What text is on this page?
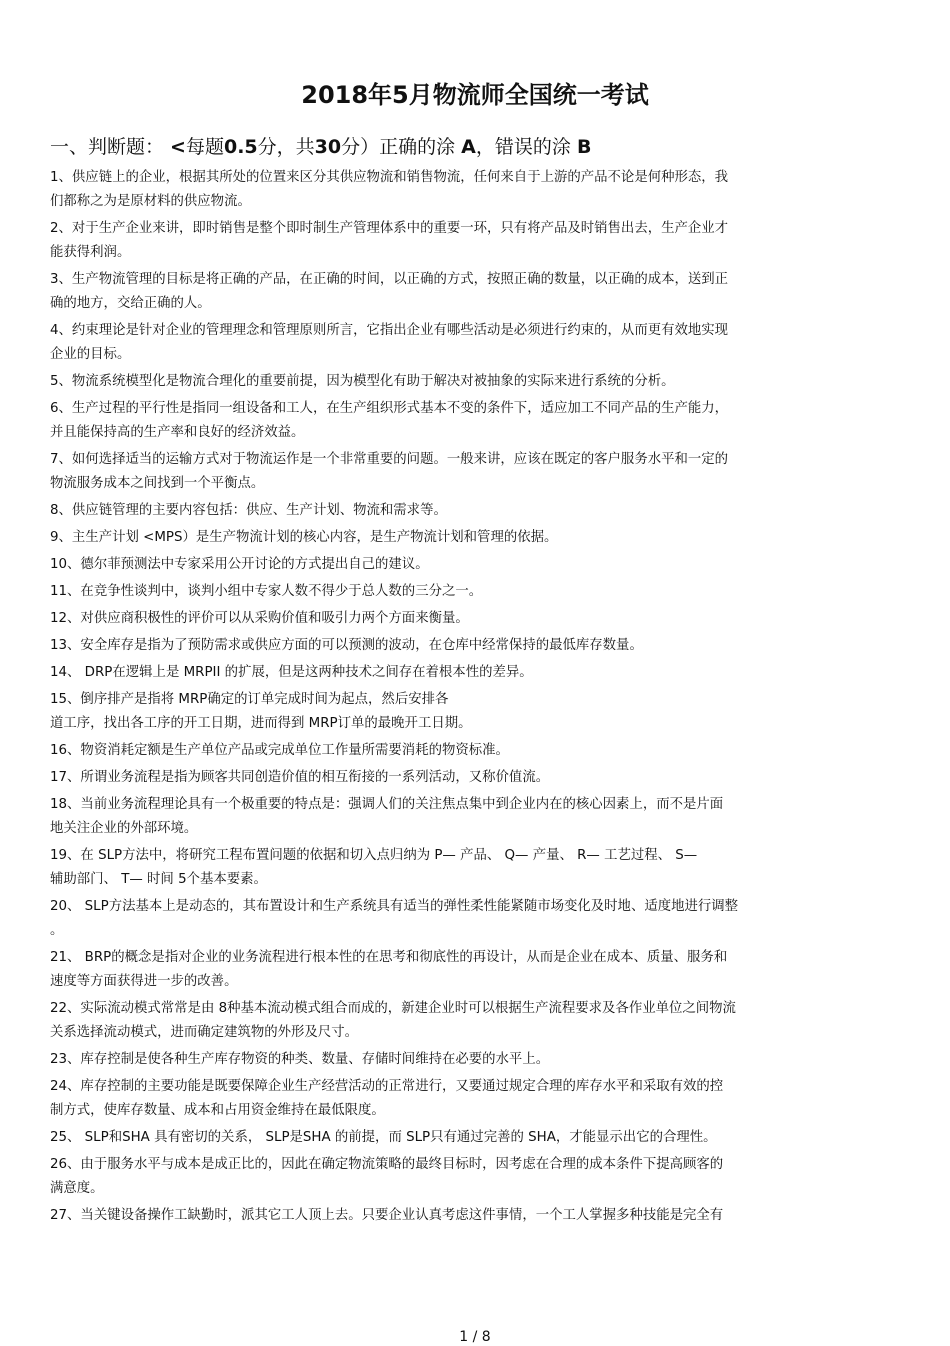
2018年5月物流师全国统一考试
一、判断题： <每题0.5分，共30分）正确的涂 A，错误的涂 B

1、供应链上的企业，根据其所处的位置来区分其供应物流和销售物流，任何来自于上游的产品不论是何种形态，我
们都称之为是原材料的供应物流。

2、对于生产企业来讲，即时销售是整个即时制生产管理体系中的重要一环，只有将产品及时销售出去，生产企业才
能获得利润。

3、生产物流管理的目标是将正确的产品，在正确的时间，以正确的方式，按照正确的数量，以正确的成本，送到正
确的地方，交给正确的人。

4、约束理论是针对企业的管理理念和管理原则所言，它指出企业有哪些活动是必须进行约束的，从而更有效地实现
企业的目标。

5、物流系统模型化是物流合理化的重要前提，因为模型化有助于解决对被抽象的实际来进行系统的分析。

6、生产过程的平行性是指同一组设备和工人，在生产组织形式基本不变的条件下，适应加工不同产品的生产能力，
并且能保持高的生产率和良好的经济效益。

7、如何选择适当的运输方式对于物流运作是一个非常重要的问题。一般来讲，应该在既定的客户服务水平和一定的
物流服务成本之间找到一个平衡点。

8、供应链管理的主要内容包括：供应、生产计划、物流和需求等。

9、主生产计划 <MPS）是生产物流计划的核心内容，是生产物流计划和管理的依据。

10、德尔菲预测法中专家采用公开讨论的方式提出自己的建议。

11、在竞争性谈判中，谈判小组中专家人数不得少于总人数的三分之一。

12、对供应商积极性的评价可以从采购价值和吸引力两个方面来衡量。

13、安全库存是指为了预防需求或供应方面的可以预测的波动，在仓库中经常保持的最低库存数量。

14、 DRP在逻辑上是 MRPII 的扩展，但是这两种技术之间存在着根本性的差异。

15、倒序排产是指将 MRP确定的订单完成时间为起点，然后安排各
道工序，找出各工序的开工日期，进而得到 MRP订单的最晚开工日期。

16、物资消耗定额是生产单位产品或完成单位工作量所需要消耗的物资标准。

17、所谓业务流程是指为顾客共同创造价值的相互衔接的一系列活动，又称价值流。

18、当前业务流程理论具有一个极重要的特点是：强调人们的关注焦点集中到企业内在的核心因素上，而不是片面
地关注企业的外部环境。

19、在 SLP方法中，将研究工程布置问题的依据和切入点归纳为 P— 产品、 Q— 产量、 R— 工艺过程、 S—
辅助部门、 T— 时间 5个基本要素。

20、 SLP方法基本上是动态的，其布置设计和生产系统具有适当的弹性柔性能紧随市场变化及时地、适度地进行调整
。

21、 BRP的概念是指对企业的业务流程进行根本性的在思考和彻底性的再设计，从而是企业在成本、质量、服务和
速度等方面获得进一步的改善。

22、实际流动模式常常是由 8种基本流动模式组合而成的，新建企业时可以根据生产流程要求及各作业单位之间物流
关系选择流动模式，进而确定建筑物的外形及尺寸。

23、库存控制是使各种生产库存物资的种类、数量、存储时间维持在必要的水平上。

24、库存控制的主要功能是既要保障企业生产经营活动的正常进行，又要通过规定合理的库存水平和采取有效的控
制方式，使库存数量、成本和占用资金维持在最低限度。

25、 SLP和SHA 具有密切的关系， SLP是SHA 的前提，而 SLP只有通过完善的 SHA，才能显示出它的合理性。

26、由于服务水平与成本是成正比的，因此在确定物流策略的最终目标时，因考虑在合理的成本条件下提高顾客的
满意度。

27、当关键设备操作工缺勤时，派其它工人顶上去。只要企业认真考虑这件事情，一个工人掌握多种技能是完全有

1 / 8
